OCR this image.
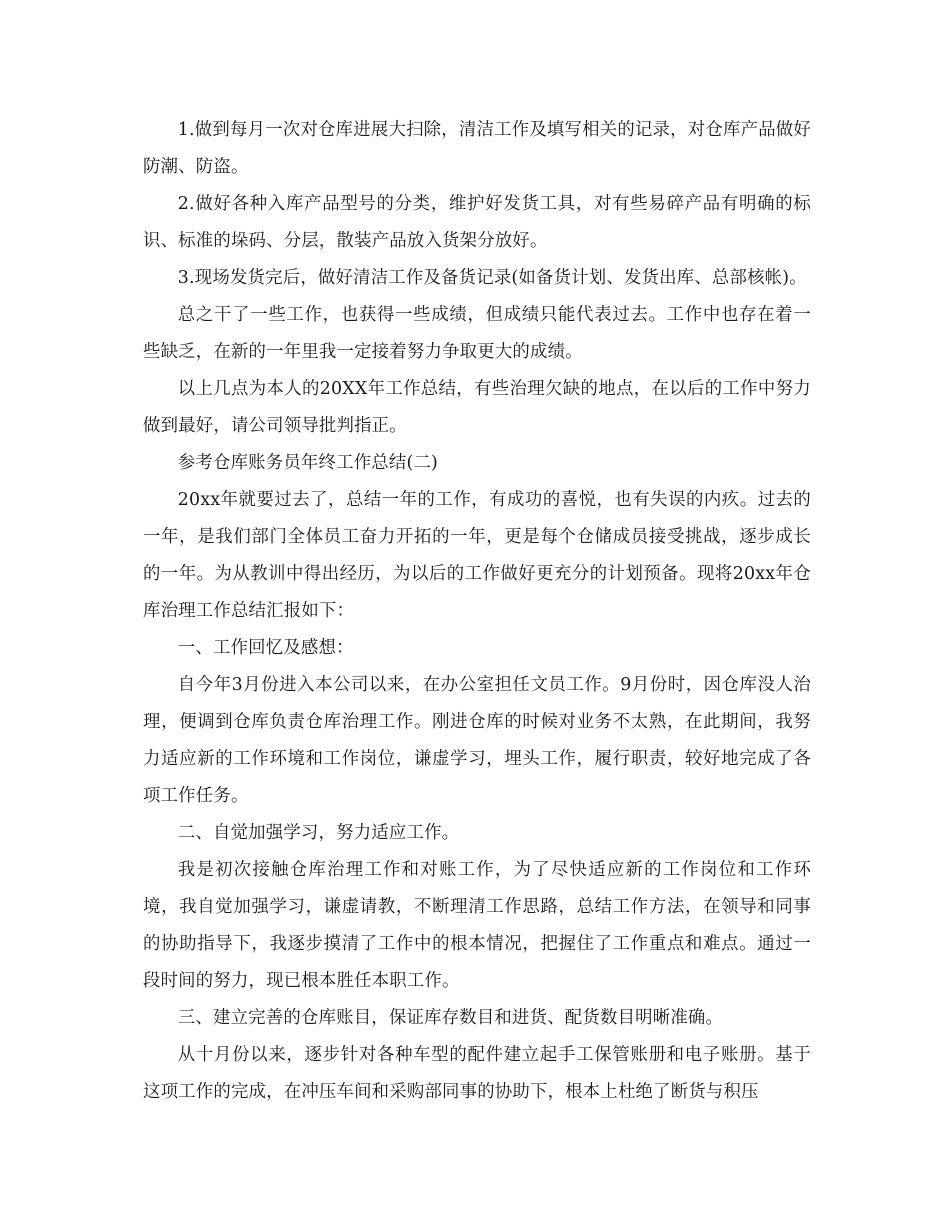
1.做到每月一次对仓库进展大扫除，清洁工作及填写相关的记录，对仓库产品做好防潮、防盗。

2.做好各种入库产品型号的分类，维护好发货工具，对有些易碎产品有明确的标识、标准的垛码、分层，散装产品放入货架分放好。

3.现场发货完后，做好清洁工作及备货记录(如备货计划、发货出库、总部核帐)。

总之干了一些工作，也获得一些成绩，但成绩只能代表过去。工作中也存在着一些缺乏，在新的一年里我一定接着努力争取更大的成绩。

以上几点为本人的20XX年工作总结，有些治理欠缺的地点，在以后的工作中努力做到最好，请公司领导批判指正。

参考仓库账务员年终工作总结(二)

20xx年就要过去了，总结一年的工作，有成功的喜悦，也有失误的内疚。过去的一年，是我们部门全体员工奋力开拓的一年，更是每个仓储成员接受挑战，逐步成长的一年。为从教训中得出经历，为以后的工作做好更充分的计划预备。现将20xx年仓库治理工作总结汇报如下：

一、工作回忆及感想：

自今年3月份进入本公司以来，在办公室担任文员工作。9月份时，因仓库没人治理，便调到仓库负责仓库治理工作。刚进仓库的时候对业务不太熟，在此期间，我努力适应新的工作环境和工作岗位，谦虚学习，埋头工作，履行职责，较好地完成了各项工作任务。

二、自觉加强学习，努力适应工作。

我是初次接触仓库治理工作和对账工作，为了尽快适应新的工作岗位和工作环境，我自觉加强学习，谦虚请教，不断理清工作思路，总结工作方法，在领导和同事的协助指导下，我逐步摸清了工作中的根本情况，把握住了工作重点和难点。通过一段时间的努力，现已根本胜任本职工作。

三、建立完善的仓库账目，保证库存数目和进货、配货数目明晰准确。

从十月份以来，逐步针对各种车型的配件建立起手工保管账册和电子账册。基于这项工作的完成，在冲压车间和采购部同事的协助下，根本上杜绝了断货与积压
